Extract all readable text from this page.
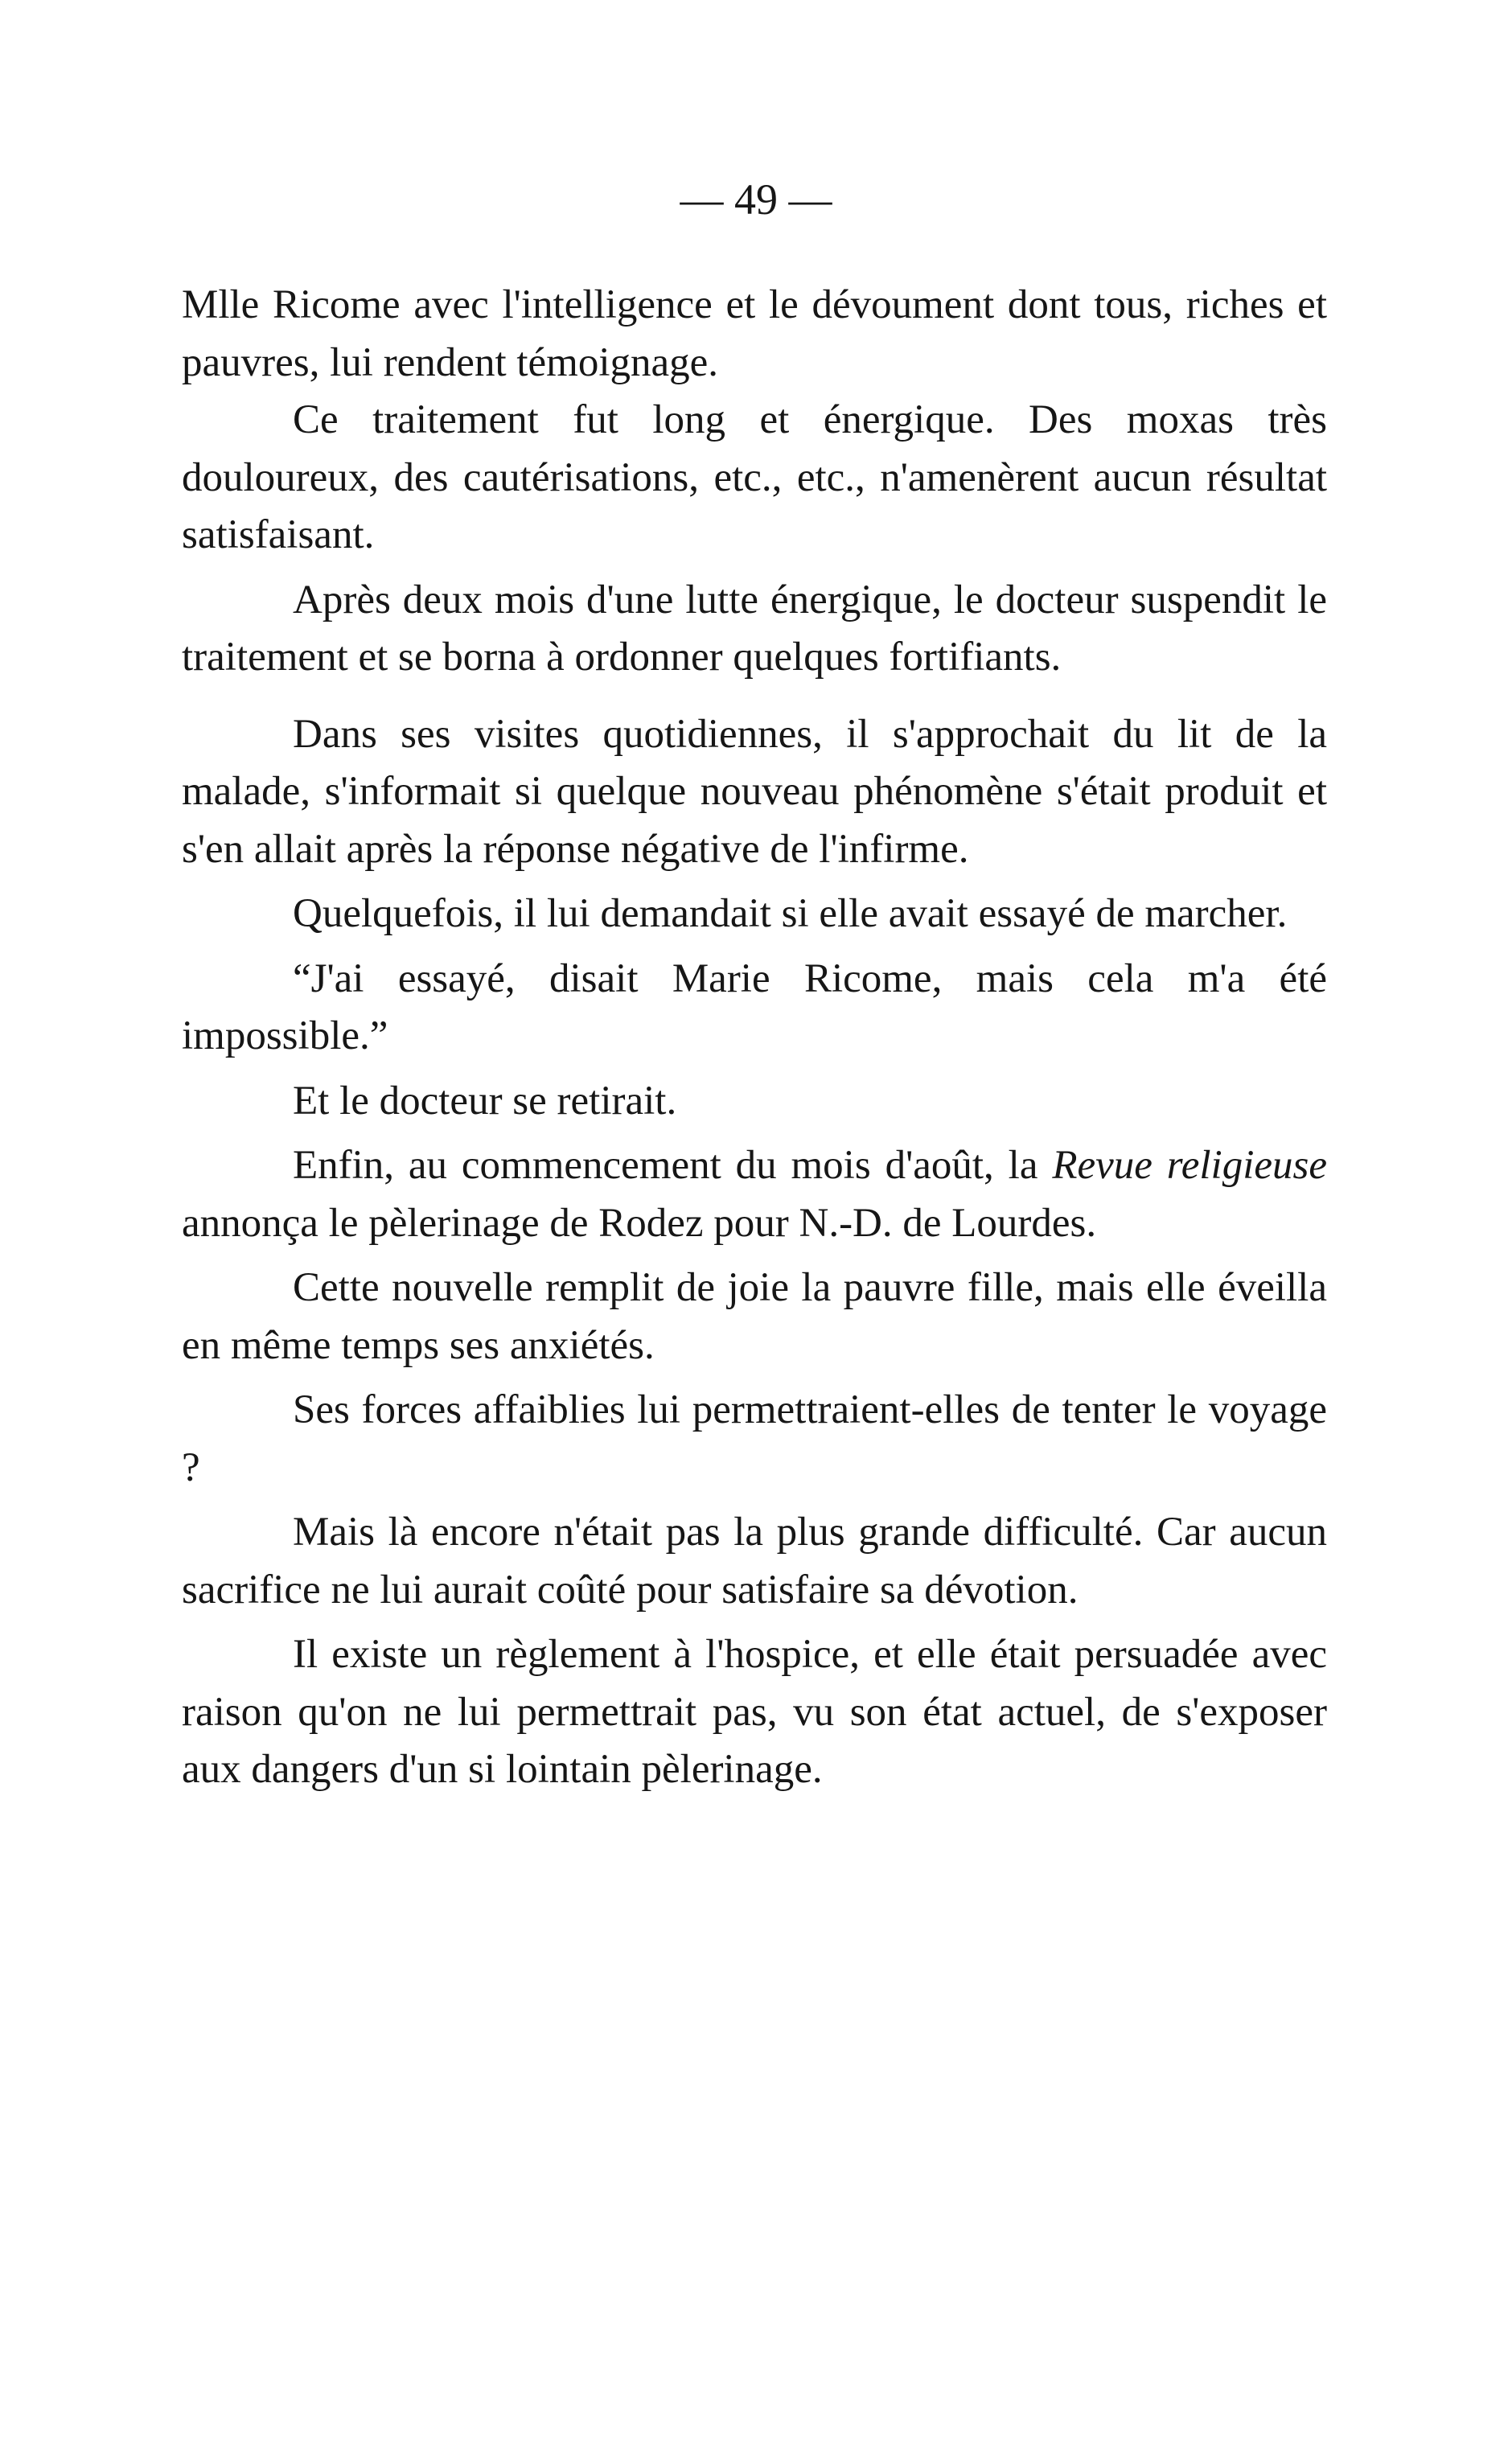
— 49 —

Mlle Ricome avec l'intelligence et le dévoument dont tous, riches et pauvres, lui rendent témoignage.

Ce traitement fut long et énergique. Des moxas très douloureux, des cautérisations, etc., etc., n'amenèrent aucun résultat satisfaisant.

Après deux mois d'une lutte énergique, le docteur suspendit le traitement et se borna à ordonner quelques fortifiants.

Dans ses visites quotidiennes, il s'approchait du lit de la malade, s'informait si quelque nouveau phénomène s'était produit et s'en allait après la réponse négative de l'infirme.

Quelquefois, il lui demandait si elle avait essayé de marcher.

“J'ai essayé, disait Marie Ricome, mais cela m'a été impossible.”

Et le docteur se retirait.

Enfin, au commencement du mois d'août, la Revue religieuse annonça le pèlerinage de Rodez pour N.-D. de Lourdes.

Cette nouvelle remplit de joie la pauvre fille, mais elle éveilla en même temps ses anxiétés.

Ses forces affaiblies lui permettraient-elles de tenter le voyage ?

Mais là encore n'était pas la plus grande difficulté. Car aucun sacrifice ne lui aurait coûté pour satisfaire sa dévotion.

Il existe un règlement à l'hospice, et elle était persuadée avec raison qu'on ne lui permettrait pas, vu son état actuel, de s'exposer aux dangers d'un si lointain pèlerinage.
